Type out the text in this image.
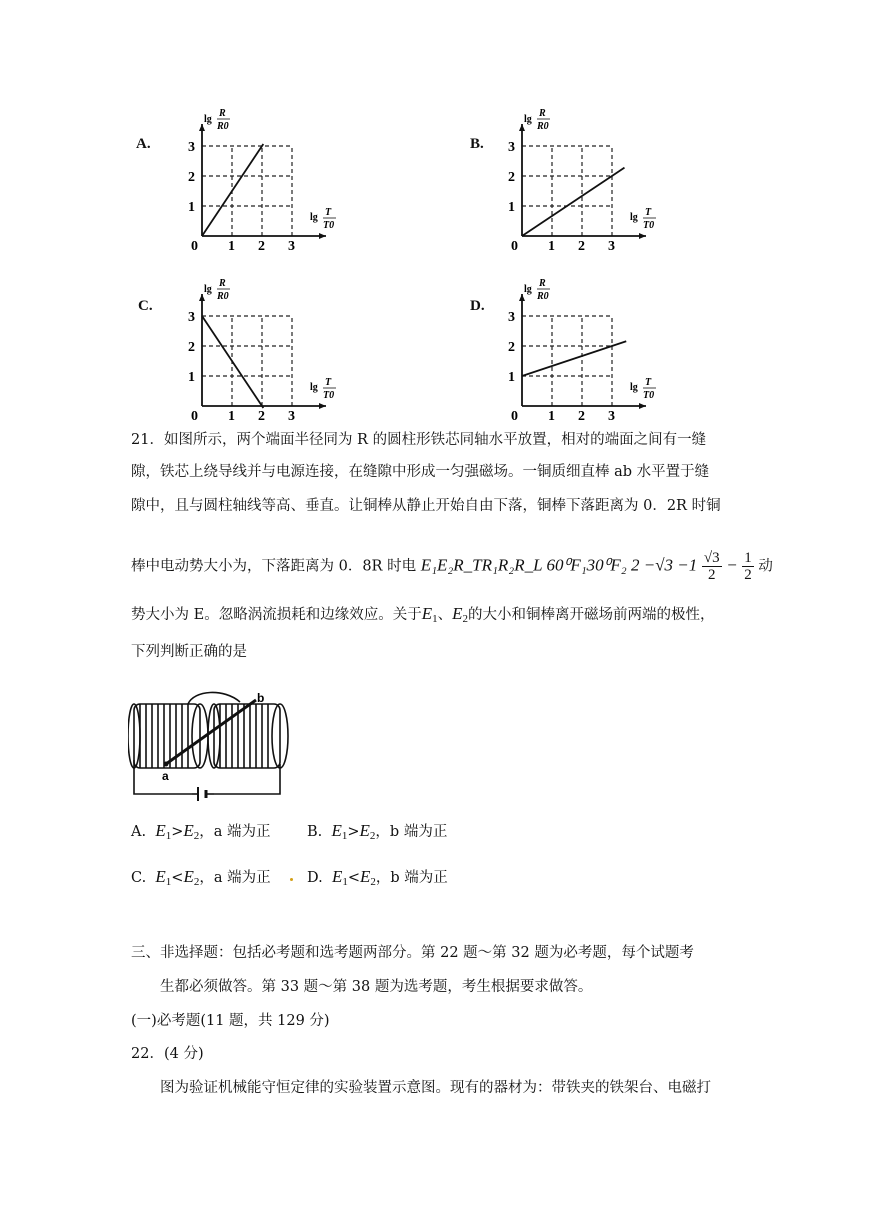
A.
0 1 2 3
1
2
3
lg
R
R0
lg T
T0
B.
0 1 2 3
1
2
3
lg
R
R0
lg T
T0
C.
0 1 2 3
1
2
3
lg
R
R0
lg T
T0
D.
0 1 2 3
1
2
3
lg
R
R0
lg T
T0
21．如图所示，两个端面半径同为 R 的圆柱形铁芯同轴水平放置，相对的端面之间有一缝
隙，铁芯上绕导线并与电源连接，在缝隙中形成一匀强磁场。一铜质细直棒 ab 水平置于缝
隙中，且与圆柱轴线等高、垂直。让铜棒从静止开始自由下落，铜棒下落距离为 0．2R 时铜
棒中电动势大小为，下落距离为 0．8R 时电 E₁E₂R_TR₁R₂R_L 60⁰F₁30⁰F₂ $2 -√3 -1 \frac{√3}{2} - \frac{1}{2}$ 动
势大小为 E。忽略涡流损耗和边缘效应。关于$E_1$、$E_2$的大小和铜棒离开磁场前两端的极性，
下列判断正确的是
a
b
A. $E_1>E_2$，a 端为正	B. $E_1>E_2$，b 端为正
C. $E_1<E_2$，a 端为正	D. $E_1<E_2$，b 端为正
三、非选择题：包括必考题和选考题两部分。第 22 题～第 32 题为必考题，每个试题考
生都必须做答。第 33 题～第 38 题为选考题，考生根据要求做答。
(一)必考题(11 题，共 129 分)
22．(4 分)
图为验证机械能守恒定律的实验装置示意图。现有的器材为：带铁夹的铁架台、电磁打
